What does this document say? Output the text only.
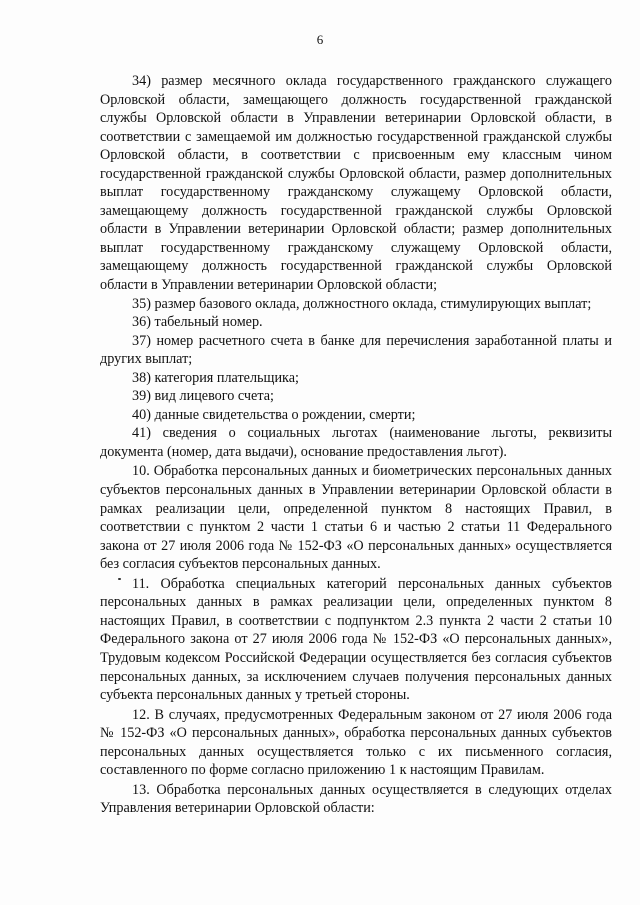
6

34) размер месячного оклада государственного гражданского служащего Орловской области, замещающего должность государственной гражданской службы Орловской области в Управлении ветеринарии Орловской области, в соответствии с замещаемой им должностью государственной гражданской службы Орловской области, в соответствии с присвоенным ему классным чином государственной гражданской службы Орловской области, размер дополнительных выплат государственному гражданскому служащему Орловской области, замещающему должность государственной гражданской службы Орловской области в Управлении ветеринарии Орловской области; размер дополнительных выплат государственному гражданскому служащему Орловской области, замещающему должность государственной гражданской службы Орловской области в Управлении ветеринарии Орловской области;

35) размер базового оклада, должностного оклада, стимулирующих выплат;

36) табельный номер.

37) номер расчетного счета в банке для перечисления заработанной платы и других выплат;

38) категория плательщика;

39) вид лицевого счета;

40) данные свидетельства о рождении, смерти;

41) сведения о социальных льготах (наименование льготы, реквизиты документа (номер, дата выдачи), основание предоставления льгот).

10. Обработка персональных данных и биометрических персональных данных субъектов персональных данных в Управлении ветеринарии Орловской области в рамках реализации цели, определенной пунктом 8 настоящих Правил, в соответствии с пунктом 2 части 1 статьи 6 и частью 2 статьи 11 Федерального закона от 27 июля 2006 года № 152-ФЗ «О персональных данных» осуществляется без согласия субъектов персональных данных.

11. Обработка специальных категорий персональных данных субъектов персональных данных в рамках реализации цели, определенных пунктом 8 настоящих Правил, в соответствии с подпунктом 2.3 пункта 2 части 2 статьи 10 Федерального закона от 27 июля 2006 года № 152-ФЗ «О персональных данных», Трудовым кодексом Российской Федерации осуществляется без согласия субъектов персональных данных, за исключением случаев получения персональных данных субъекта персональных данных у третьей стороны.

12. В случаях, предусмотренных Федеральным законом от 27 июля 2006 года № 152-ФЗ «О персональных данных», обработка персональных данных субъектов персональных данных осуществляется только с их письменного согласия, составленного по форме согласно приложению 1 к настоящим Правилам.

13. Обработка персональных данных осуществляется в следующих отделах Управления ветеринарии Орловской области:
